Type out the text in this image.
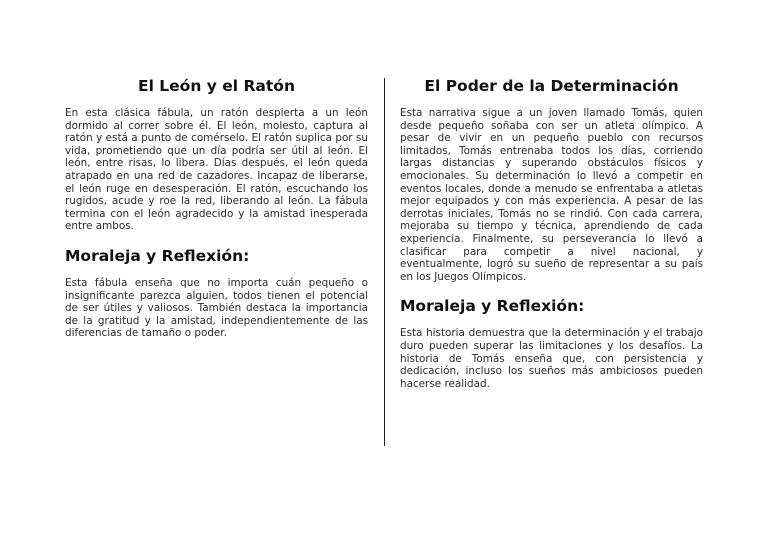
El León y el Ratón

En esta clásica fábula, un ratón despierta a un león dormido al correr sobre él. El león, molesto, captura al ratón y está a punto de comérselo. El ratón suplica por su vida, prometiendo que un día podría ser útil al león. El león, entre risas, lo libera. Días después, el león queda atrapado en una red de cazadores. Incapaz de liberarse, el león ruge en desesperación. El ratón, escuchando los rugidos, acude y roe la red, liberando al león. La fábula termina con el león agradecido y la amistad inesperada entre ambos.

Moraleja y Reflexión:

Esta fábula enseña que no importa cuán pequeño o insignificante parezca alguien, todos tienen el potencial de ser útiles y valiosos. También destaca la importancia de la gratitud y la amistad, independientemente de las diferencias de tamaño o poder.

El Poder de la Determinación

Esta narrativa sigue a un joven llamado Tomás, quien desde pequeño soñaba con ser un atleta olímpico. A pesar de vivir en un pequeño pueblo con recursos limitados, Tomás entrenaba todos los días, corriendo largas distancias y superando obstáculos físicos y emocionales. Su determinación lo llevó a competir en eventos locales, donde a menudo se enfrentaba a atletas mejor equipados y con más experiencia. A pesar de las derrotas iniciales, Tomás no se rindió. Con cada carrera, mejoraba su tiempo y técnica, aprendiendo de cada experiencia. Finalmente, su perseverancia lo llevó a clasificar para competir a nivel nacional, y eventualmente, logró su sueño de representar a su país en los Juegos Olímpicos.

Moraleja y Reflexión:

Esta historia demuestra que la determinación y el trabajo duro pueden superar las limitaciones y los desafíos. La historia de Tomás enseña que, con persistencia y dedicación, incluso los sueños más ambiciosos pueden hacerse realidad.
